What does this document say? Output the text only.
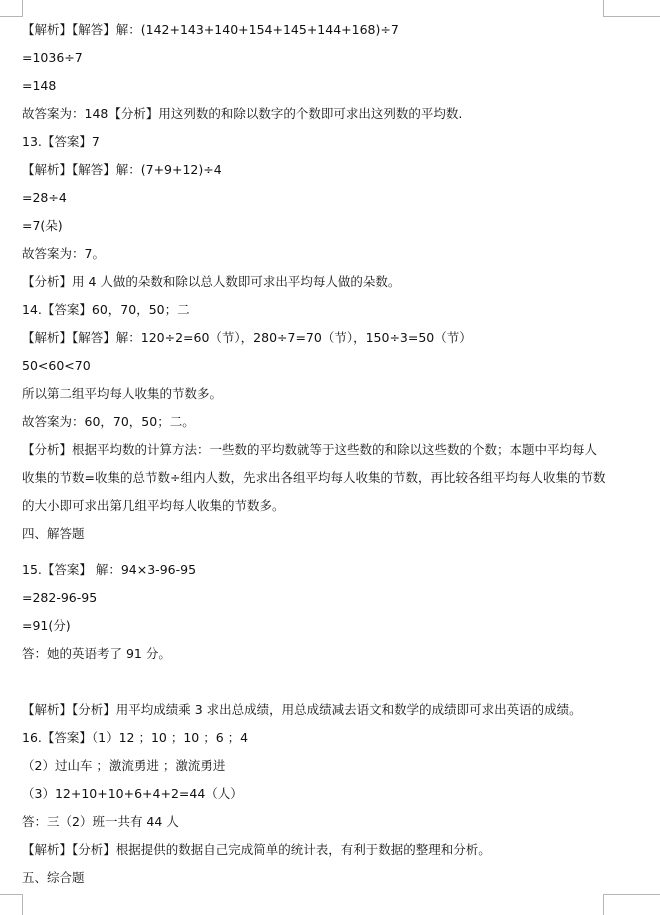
【解析】【解答】解：(142+143+140+154+145+144+168)÷7
=1036÷7
=148
故答案为：148【分析】用这列数的和除以数字的个数即可求出这列数的平均数.
13.【答案】7
【解析】【解答】解：(7+9+12)÷4
=28÷4
=7(朵)
故答案为：7。
【分析】用 4 人做的朵数和除以总人数即可求出平均每人做的朵数。
14.【答案】60，70，50；二
【解析】【解答】解：120÷2=60（节），280÷7=70（节），150÷3=50（节）
50<60<70
所以第二组平均每人收集的节数多。
故答案为：60，70，50；二。
【分析】根据平均数的计算方法：一些数的平均数就等于这些数的和除以这些数的个数；本题中平均每人
收集的节数=收集的总节数÷组内人数，先求出各组平均每人收集的节数，再比较各组平均每人收集的节数
的大小即可求出第几组平均每人收集的节数多。
四、解答题
15.【答案】 解：94×3-96-95
=282-96-95
=91(分)
答：她的英语考了 91 分。
【解析】【分析】用平均成绩乘 3 求出总成绩，用总成绩减去语文和数学的成绩即可求出英语的成绩。
16.【答案】（1）12 ；10 ；10 ；6 ；4
（2）过山车 ；激流勇进 ；激流勇进
（3）12+10+10+6+4+2=44（人）
答：三（2）班一共有 44 人
【解析】【分析】根据提供的数据自己完成简单的统计表，有利于数据的整理和分析。
五、综合题
